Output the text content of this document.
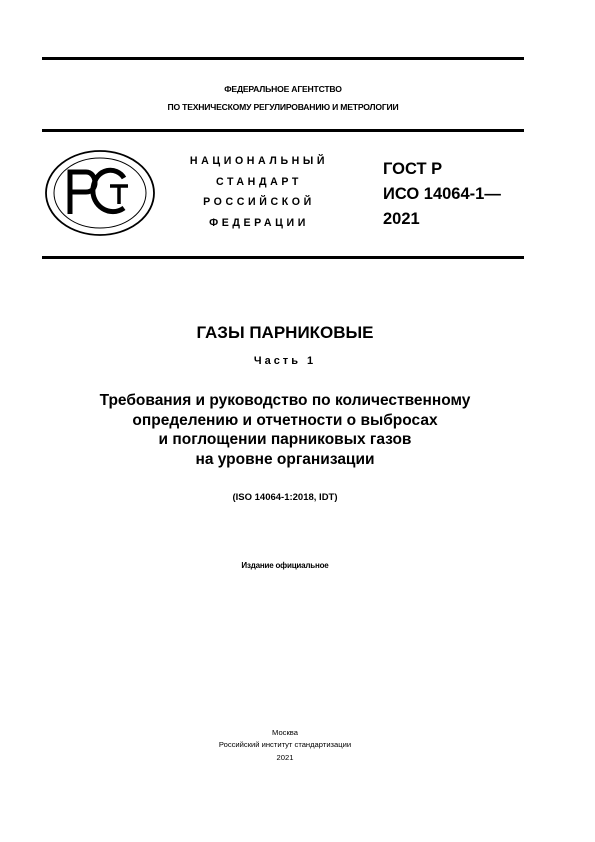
ФЕДЕРАЛЬНОЕ АГЕНТСТВО
ПО ТЕХНИЧЕСКОМУ РЕГУЛИРОВАНИЮ И МЕТРОЛОГИИ
НАЦИОНАЛЬНЫЙ
СТАНДАРТ
РОССИЙСКОЙ
ФЕДЕРАЦИИ
ГОСТ Р
ИСО 14064-1—
2021
ГАЗЫ ПАРНИКОВЫЕ
Часть 1
Требования и руководство по количественному
определению и отчетности о выбросах
и поглощении парниковых газов
на уровне организации
(ISO 14064-1:2018, IDT)
Издание официальное
Москва
Российский институт стандартизации
2021
